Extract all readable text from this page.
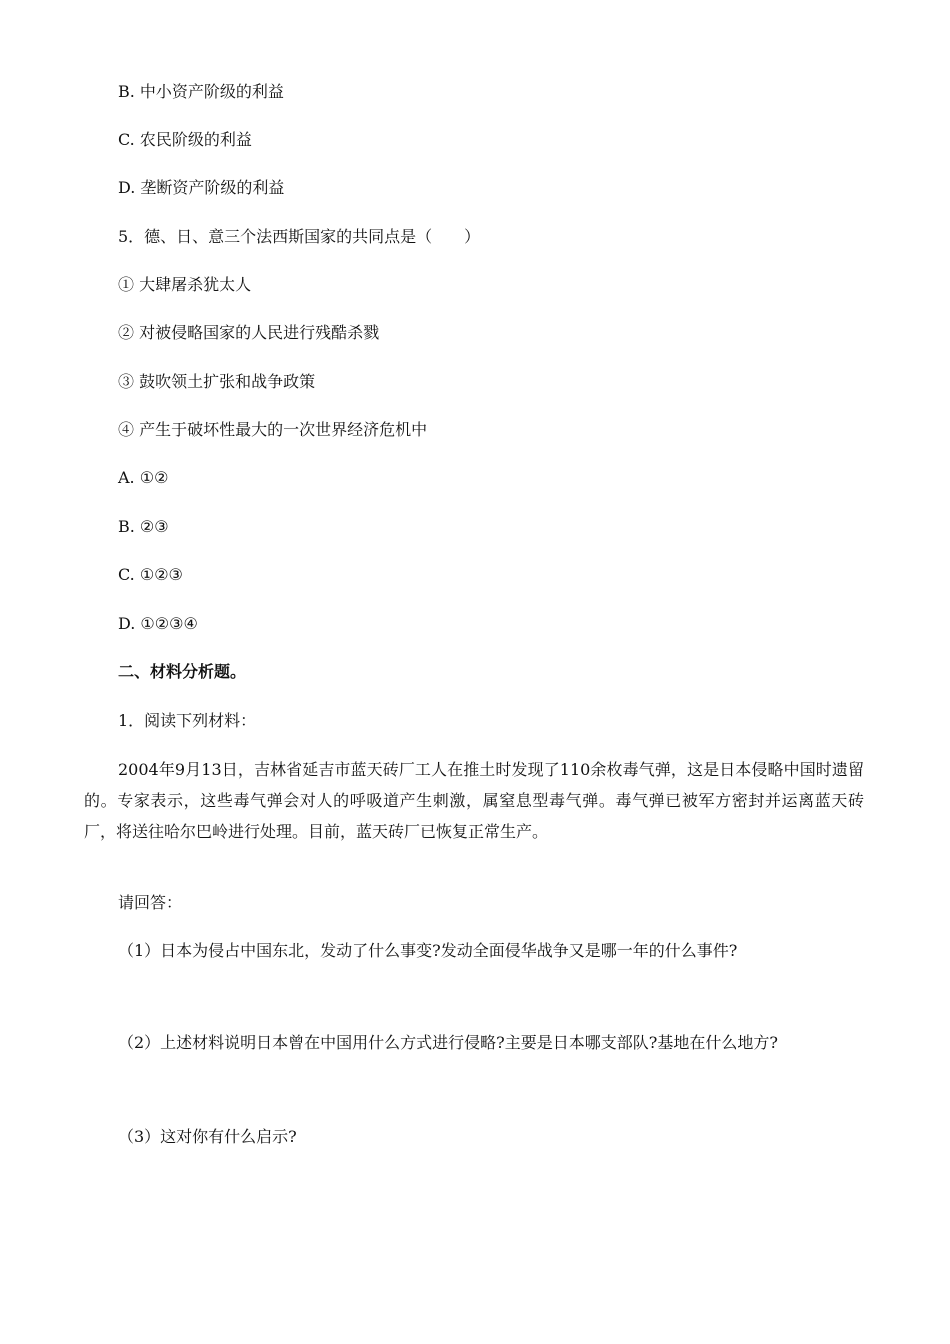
B. 中小资产阶级的利益
C. 农民阶级的利益
D. 垄断资产阶级的利益
5．德、日、意三个法西斯国家的共同点是（　　）
① 大肆屠杀犹太人
② 对被侵略国家的人民进行残酷杀戮
③ 鼓吹领土扩张和战争政策
④ 产生于破坏性最大的一次世界经济危机中
A. ①②
B. ②③
C. ①②③
D. ①②③④
二、材料分析题。
1．阅读下列材料：
2004年9月13日，吉林省延吉市蓝天砖厂工人在推土时发现了110余枚毒气弹，这是日本侵略中国时遗留的。专家表示，这些毒气弹会对人的呼吸道产生刺激，属窒息型毒气弹。毒气弹已被军方密封并运离蓝天砖厂，将送往哈尔巴岭进行处理。目前，蓝天砖厂已恢复正常生产。
请回答：
（1）日本为侵占中国东北，发动了什么事变?发动全面侵华战争又是哪一年的什么事件?
（2）上述材料说明日本曾在中国用什么方式进行侵略?主要是日本哪支部队?基地在什么地方?
（3）这对你有什么启示?
